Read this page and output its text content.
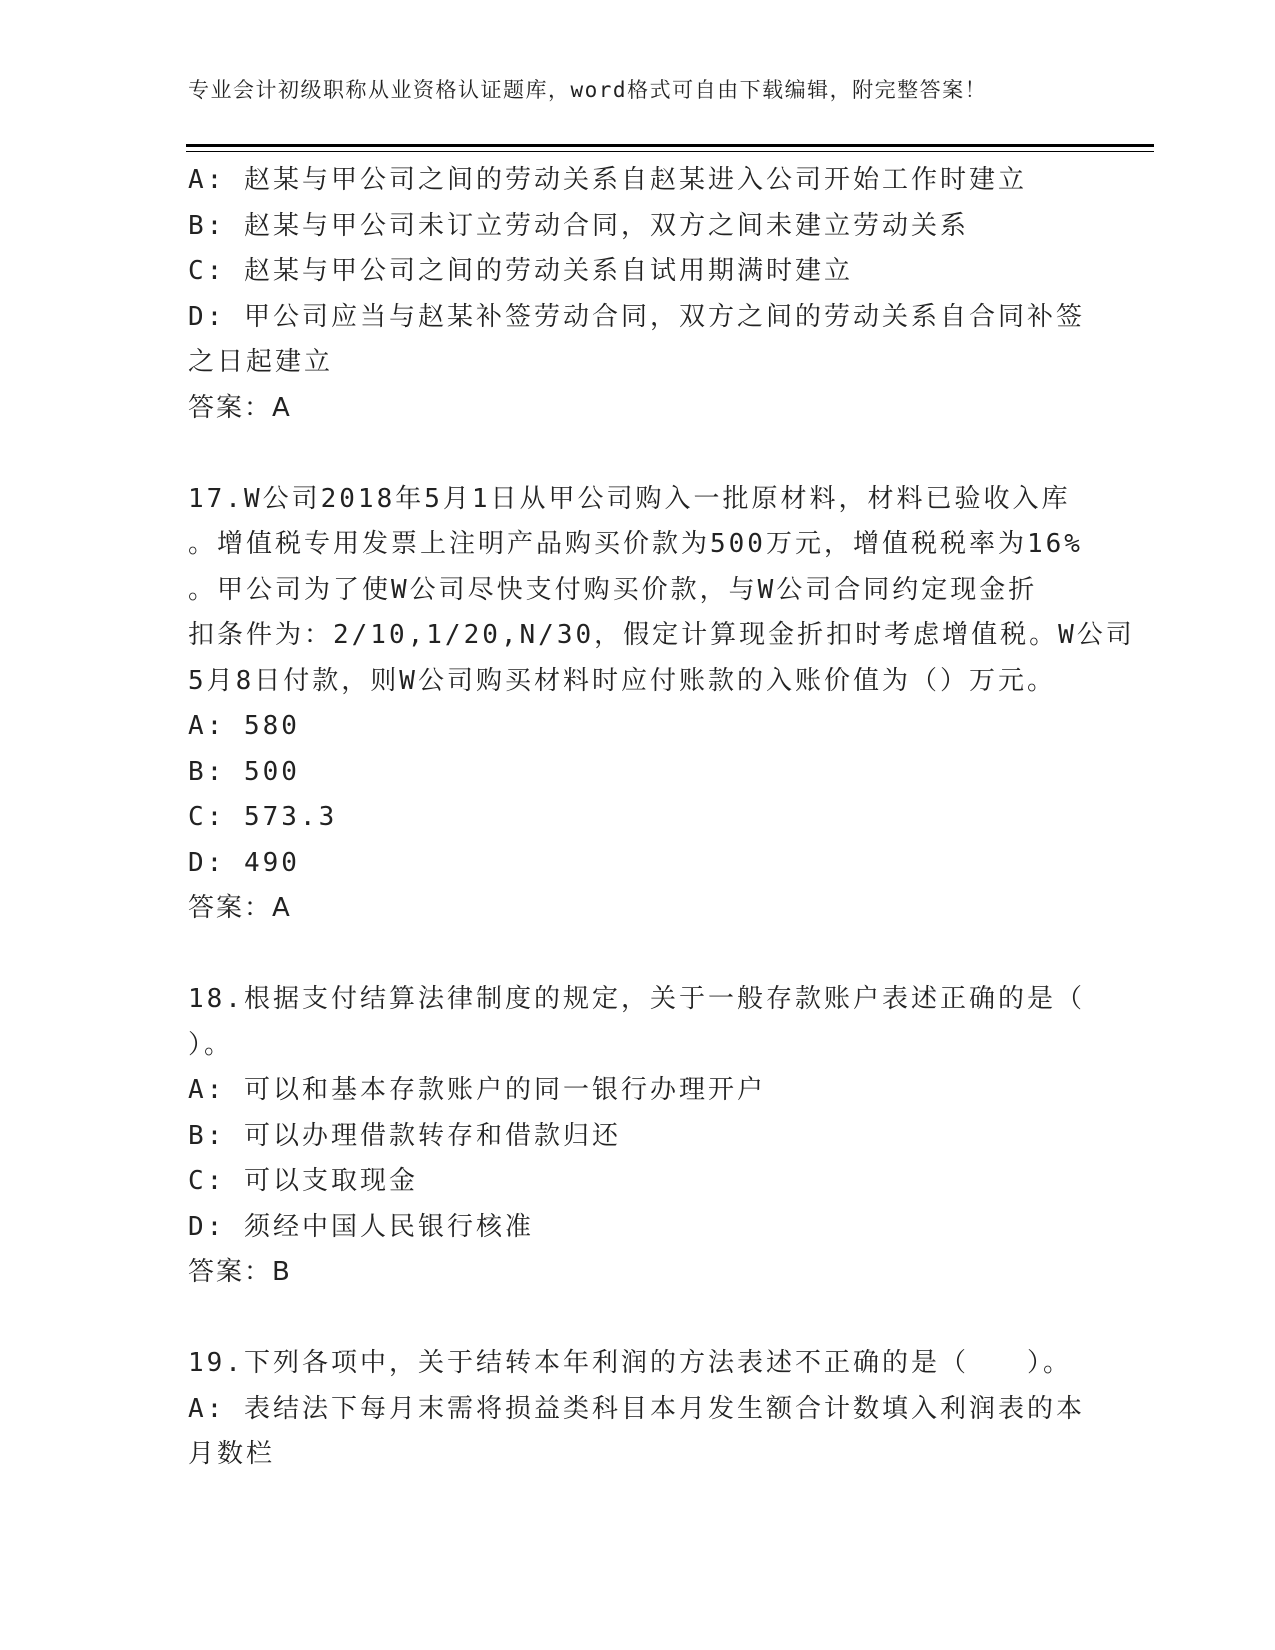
专业会计初级职称从业资格认证题库，word格式可自由下载编辑，附完整答案！
A: 赵某与甲公司之间的劳动关系自赵某进入公司开始工作时建立
B: 赵某与甲公司未订立劳动合同，双方之间未建立劳动关系
C: 赵某与甲公司之间的劳动关系自试用期满时建立
D: 甲公司应当与赵某补签劳动合同，双方之间的劳动关系自合同补签
之日起建立
答案：A
17.W公司2018年5月1日从甲公司购入一批原材料，材料已验收入库
。增值税专用发票上注明产品购买价款为500万元，增值税税率为16%
。甲公司为了使W公司尽快支付购买价款，与W公司合同约定现金折
扣条件为：2/10,1/20,N/30，假定计算现金折扣时考虑增值税。W公司
5月8日付款，则W公司购买材料时应付账款的入账价值为（）万元。
A: 580
B: 500
C: 573.3
D: 490
答案：A
18.根据支付结算法律制度的规定，关于一般存款账户表述正确的是（
）。
A: 可以和基本存款账户的同一银行办理开户
B: 可以办理借款转存和借款归还
C: 可以支取现金
D: 须经中国人民银行核准
答案：B
19.下列各项中，关于结转本年利润的方法表述不正确的是（　　）。
A: 表结法下每月末需将损益类科目本月发生额合计数填入利润表的本
月数栏
